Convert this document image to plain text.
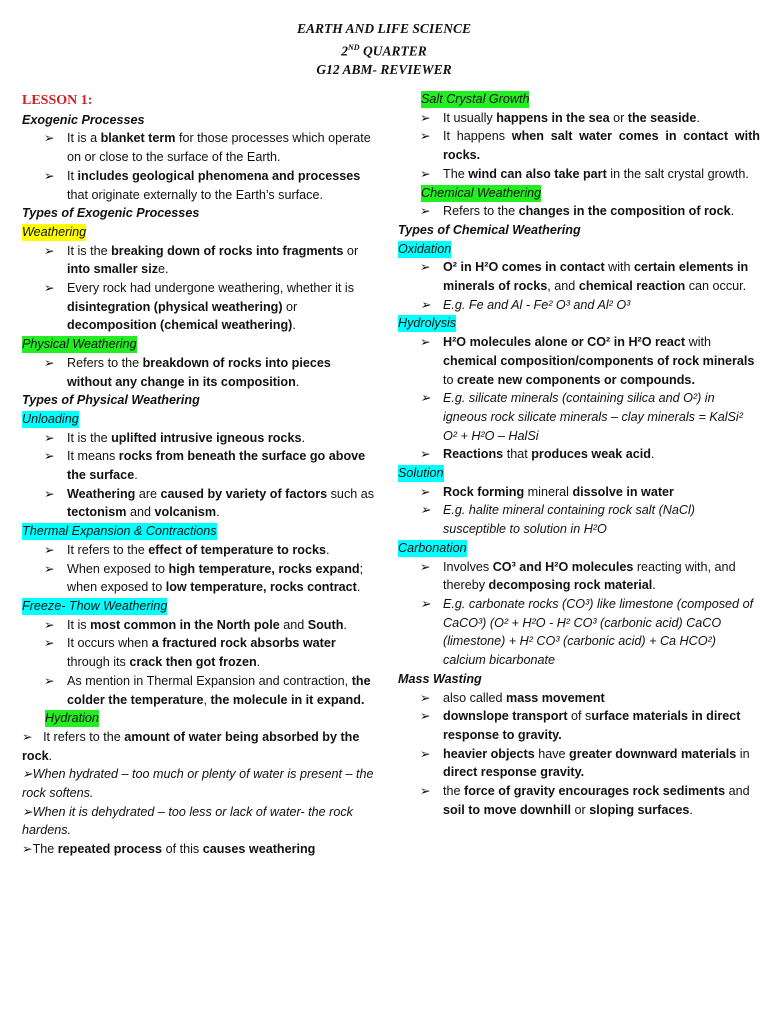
EARTH AND LIFE SCIENCE
2ND QUARTER
G12 ABM- REVIEWER
LESSON 1:
Exogenic Processes
➢ It is a blanket term for those processes which operate on or close to the surface of the Earth.
➢ It includes geological phenomena and processes that originate externally to the Earth’s surface.
Types of Exogenic Processes
Weathering
➢ It is the breaking down of rocks into fragments or into smaller size.
➢ Every rock had undergone weathering, whether it is disintegration (physical weathering) or decomposition (chemical weathering).
Physical Weathering
➢ Refers to the breakdown of rocks into pieces without any change in its composition.
Types of Physical Weathering
Unloading
➢ It is the uplifted intrusive igneous rocks.
➢ It means rocks from beneath the surface go above the surface.
➢ Weathering are caused by variety of factors such as tectonism and volcanism.
Thermal Expansion & Contractions
➢ It refers to the effect of temperature to rocks.
➢ When exposed to high temperature, rocks expand; when exposed to low temperature, rocks contract.
Freeze- Thow Weathering
➢ It is most common in the North pole and South.
➢ It occurs when a fractured rock absorbs water through its crack then got frozen.
➢ As mention in Thermal Expansion and contraction, the colder the temperature, the molecule in it expand.
Hydration
➢ It refers to the amount of water being absorbed by the rock.
➢When hydrated – too much or plenty of water is present – the rock softens.
➢When it is dehydrated – too less or lack of water- the rock hardens.
➢The repeated process of this causes weathering
Salt Crystal Growth
➢ It usually happens in the sea or the seaside.
➢ It happens when salt water comes in contact with rocks.
➢ The wind can also take part in the salt crystal growth.
Chemical Weathering
➢ Refers to the changes in the composition of rock.
Types of Chemical Weathering
Oxidation
➢ O² in H²O comes in contact with certain elements in minerals of rocks, and chemical reaction can occur.
➢ E.g. Fe and Al - Fe² O³ and Al² O³
Hydrolysis
➢ H²O molecules alone or CO² in H²O react with chemical composition/components of rock minerals to create new components or compounds.
➢ E.g. silicate minerals (containing silica and O²) in igneous rock silicate minerals – clay minerals = KalSi² O² + H²O – HalSi
➢ Reactions that produces weak acid.
Solution
➢ Rock forming mineral dissolve in water
➢ E.g. halite mineral containing rock salt (NaCl) susceptible to solution in H²O
Carbonation
➢ Involves CO³ and H²O molecules reacting with, and thereby decomposing rock material.
➢ E.g. carbonate rocks (CO³) like limestone (composed of CaCO³) (O² + H²O - H² CO³ (carbonic acid) CaCO (limestone) + H² CO³ (carbonic acid) + Ca HCO²) calcium bicarbonate
Mass Wasting
➢ also called mass movement
➢ downslope transport of surface materials in direct response to gravity.
➢ heavier objects have greater downward materials in direct response gravity.
➢ the force of gravity encourages rock sediments and soil to move downhill or sloping surfaces.
